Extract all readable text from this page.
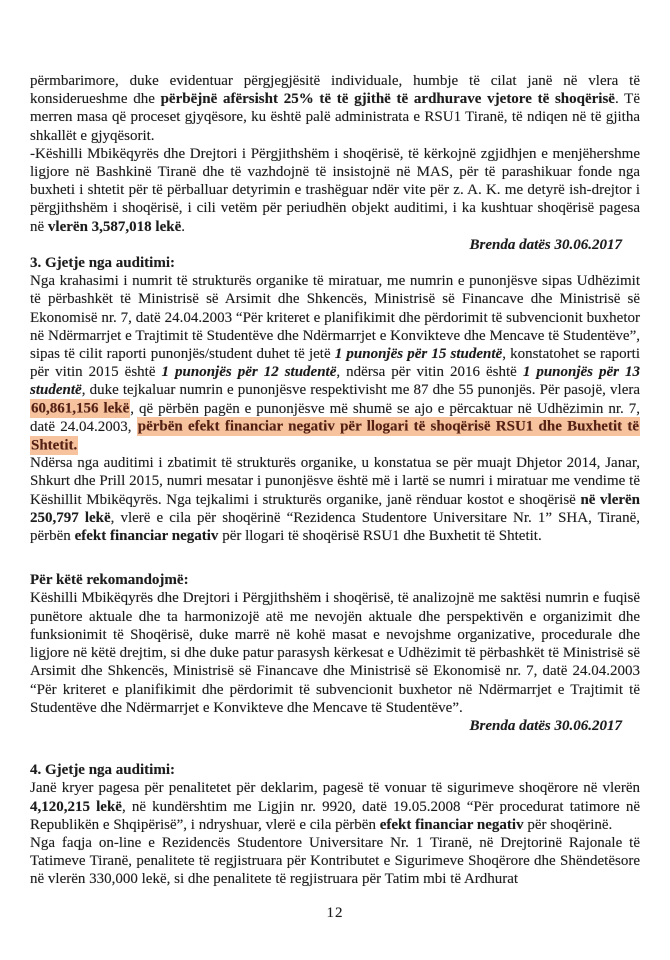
përmbarimore, duke evidentuar përgjegjësitë individuale, humbje të cilat janë në vlera të konsiderueshme dhe përbëjnë afërsisht 25% të të gjithë të ardhurave vjetore të shoqërisë. Të merren masa që proceset gjyqësore, ku është palë administrata e RSU1 Tiranë, të ndiqen në të gjitha shkallët e gjyqësorit.

-Këshilli Mbikëqyrës dhe Drejtori i Përgjithshëm i shoqërisë, të kërkojnë zgjidhjen e menjëhershme ligjore në Bashkinë Tiranë dhe të vazhdojnë të insistojnë në MAS, për të parashikuar fonde nga buxheti i shtetit për të përballuar detyrimin e trashëguar ndër vite për z. A. K. me detyrë ish-drejtor i përgjithshëm i shoqërisë, i cili vetëm për periudhën objekt auditimi, i ka kushtuar shoqërisë pagesa në vlerën 3,587,018 lekë.

Brenda datës 30.06.2017

3. Gjetje nga auditimi:

Nga krahasimi i numrit të strukturës organike të miratuar, me numrin e punonjësve sipas Udhëzimit të përbashkët të Ministrisë së Arsimit dhe Shkencës, Ministrisë së Financave dhe Ministrisë së Ekonomisë nr. 7, datë 24.04.2003 “Për kriteret e planifikimit dhe përdorimit të subvencionit buxhetor në Ndërmarrjet e Trajtimit të Studentëve dhe Ndërmarrjet e Konvikteve dhe Mencave të Studentëve”, sipas të cilit raporti punonjës/student duhet të jetë 1 punonjës për 15 studentë, konstatohet se raporti për vitin 2015 është 1 punonjës për 12 studentë, ndërsa për vitin 2016 është 1 punonjës për 13 studentë, duke tejkaluar numrin e punonjësve respektivisht me 87 dhe 55 punonjës. Për pasojë, vlera 60,861,156 lekë, që përbën pagën e punonjësve më shumë se ajo e përcaktuar në Udhëzimin nr. 7, datë 24.04.2003, përbën efekt financiar negativ për llogari të shoqërisë RSU1 dhe Buxhetit të Shtetit.

Ndërsa nga auditimi i zbatimit të strukturës organike, u konstatua se për muajt Dhjetor 2014, Janar, Shkurt dhe Prill 2015, numri mesatar i punonjësve është më i lartë se numri i miratuar me vendime të Këshillit Mbikëqyrës. Nga tejkalimi i strukturës organike, janë rënduar kostot e shoqërisë në vlerën 250,797 lekë, vlerë e cila për shoqërinë “Rezidenca Studentore Universitare Nr. 1” SHA, Tiranë, përbën efekt financiar negativ për llogari të shoqërisë RSU1 dhe Buxhetit të Shtetit.

Për këtë rekomandojmë:

Këshilli Mbikëqyrës dhe Drejtori i Përgjithshëm i shoqërisë, të analizojnë me saktësi numrin e fuqisë punëtore aktuale dhe ta harmonizojë atë me nevojën aktuale dhe perspektivën e organizimit dhe funksionimit të Shoqërisë, duke marrë në kohë masat e nevojshme organizative, procedurale dhe ligjore në këtë drejtim, si dhe duke patur parasysh kërkesat e Udhëzimit të përbashkët të Ministrisë së Arsimit dhe Shkencës, Ministrisë së Financave dhe Ministrisë së Ekonomisë nr. 7, datë 24.04.2003 “Për kriteret e planifikimit dhe përdorimit të subvencionit buxhetor në Ndërmarrjet e Trajtimit të Studentëve dhe Ndërmarrjet e Konvikteve dhe Mencave të Studentëve”.

Brenda datës 30.06.2017

4. Gjetje nga auditimi:

Janë kryer pagesa për penalitetet për deklarim, pagesë të vonuar të sigurimeve shoqërore në vlerën 4,120,215 lekë, në kundërshtim me Ligjin nr. 9920, datë 19.05.2008 “Për procedurat tatimore në Republikën e Shqipërisë”, i ndryshuar, vlerë e cila përbën efekt financiar negativ për shoqërinë.

Nga faqja on-line e Rezidencës Studentore Universitare Nr. 1 Tiranë, në Drejtorinë Rajonale të Tatimeve Tiranë, penalitete të regjistruara për Kontributet e Sigurimeve Shoqërore dhe Shëndetësore në vlerën 330,000 lekë, si dhe penalitete të regjistruara për Tatim mbi të Ardhurat

12
